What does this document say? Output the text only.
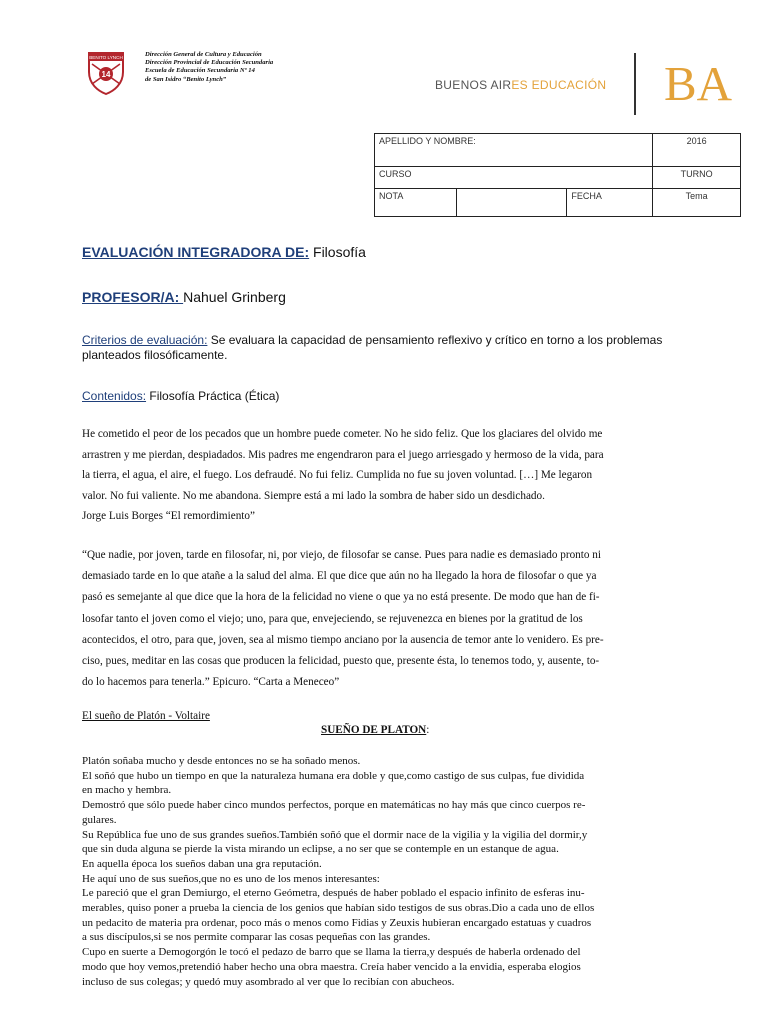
BENITO LYNCH
14
Dirección General de Cultura y Educación
Dirección Provincial de Educación Secundaria
Escuela de Educación Secundaria Nº 14
de San Isidro “Benito Lynch”	BUENOS AIRES EDUCACIÓN BA
APELLIDO Y NOMBRE:			2016
CURSO			TURNO
NOTA		FECHA	Tema
EVALUACIÓN INTEGRADORA DE: Filosofía
PROFESOR/A: Nahuel Grinberg
Criterios de evaluación: Se evaluara la capacidad de pensamiento reflexivo y crítico en torno a los problemas planteados filosóficamente.
Contenidos: Filosofía Práctica (Ética)
He cometido el peor de los pecados que un hombre puede cometer. No he sido feliz. Que los glaciares del olvido me
arrastren y me pierdan, despiadados. Mis padres me engendraron para el juego arriesgado y hermoso de la vida, para
la tierra, el agua, el aire, el fuego. Los defraudé. No fui feliz. Cumplida no fue su joven voluntad. […] Me legaron
valor. No fui valiente. No me abandona. Siempre está a mi lado la sombra de haber sido un desdichado.
Jorge Luis Borges “El remordimiento”
“Que nadie, por joven, tarde en filosofar, ni, por viejo, de filosofar se canse. Pues para nadie es demasiado pronto ni
demasiado tarde en lo que atañe a la salud del alma. El que dice que aún no ha llegado la hora de filosofar o que ya
pasó es semejante al que dice que la hora de la felicidad no viene o que ya no está presente. De modo que han de fi-
losofar tanto el joven como el viejo; uno, para que, envejeciendo, se rejuvenezca en bienes por la gratitud de los
acontecidos, el otro, para que, joven, sea al mismo tiempo anciano por la ausencia de temor ante lo venidero. Es pre-
ciso, pues, meditar en las cosas que producen la felicidad, puesto que, presente ésta, lo tenemos todo, y, ausente, to-
do lo hacemos para tenerla.” Epicuro. “Carta a Meneceo”
El sueño de Platón - Voltaire
SUEÑO DE PLATON:
Platón soñaba mucho y desde entonces no se ha soñado menos.
El soñó que hubo un tiempo en que la naturaleza humana era doble y que,como castigo de sus culpas, fue dividida
en macho y hembra.
Demostró que sólo puede haber cinco mundos perfectos, porque en matemáticas no hay más que cinco cuerpos re-
gulares.
Su República fue uno de sus grandes sueños.También soñó que el dormir nace de la vigilia y la vigilia del dormir,y
que sin duda alguna se pierde la vista mirando un eclipse, a no ser que se contemple en un estanque de agua.
En aquella época los sueños daban una gra reputación.
He aquí uno de sus sueños,que no es uno de los menos interesantes:
Le pareció que el gran Demiurgo, el eterno Geómetra, después de haber poblado el espacio infinito de esferas inu-
merables, quiso poner a prueba la ciencia de los genios que habían sido testigos de sus obras.Dio a cada uno de ellos
un pedacito de materia pra ordenar, poco más o menos como Fidias y Zeuxis hubieran encargado estatuas y cuadros
a sus discípulos,si se nos permite comparar las cosas pequeñas con las grandes.
Cupo en suerte a Demogorgón le tocó el pedazo de barro que se llama la tierra,y después de haberla ordenado del
modo que hoy vemos,pretendió haber hecho una obra maestra. Creía haber vencido a la envidia, esperaba elogios
incluso de sus colegas; y quedó muy asombrado al ver que lo recibían con abucheos.
